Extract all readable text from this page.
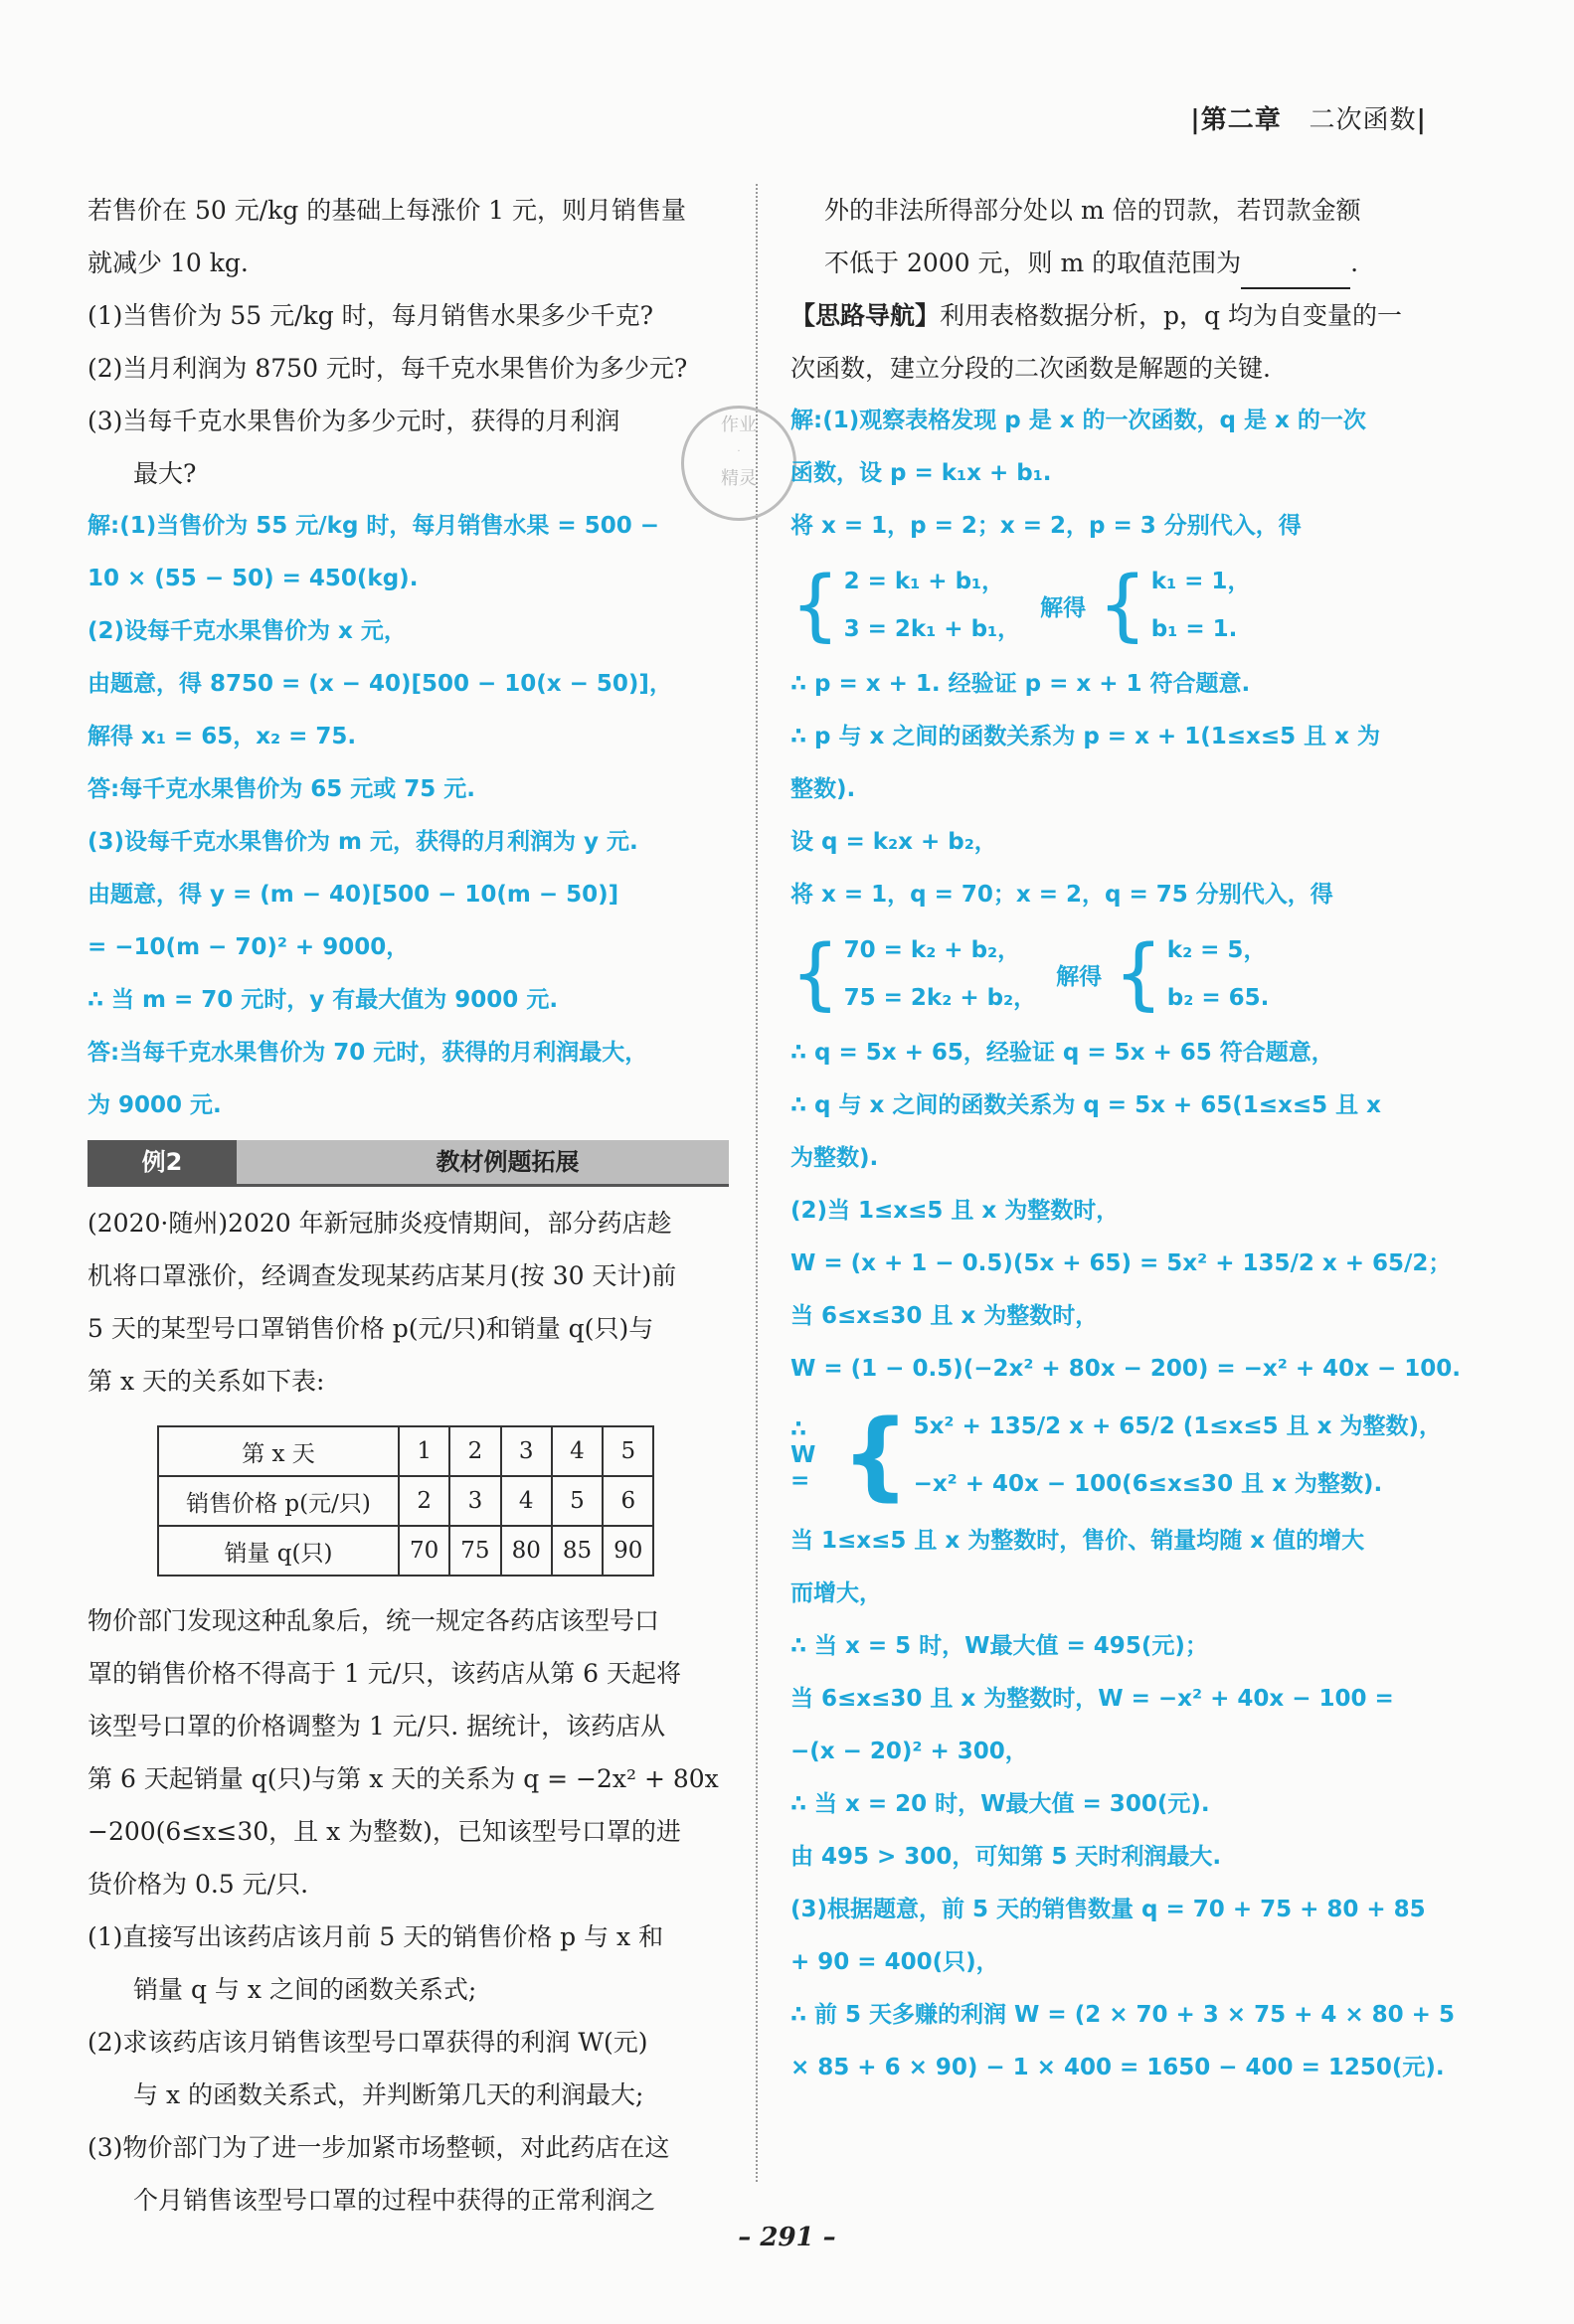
|第二章 二次函数|
作业
·
精灵
若售价在 50 元/kg 的基础上每涨价 1 元，则月销售量
就减少 10 kg.
(1)当售价为 55 元/kg 时，每月销售水果多少千克?
(2)当月利润为 8750 元时，每千克水果售价为多少元?
(3)当每千克水果售价为多少元时，获得的月利润
最大?
解:(1)当售价为 55 元/kg 时，每月销售水果 = 500 −
10 × (55 − 50) = 450(kg).
(2)设每千克水果售价为 x 元，
由题意，得 8750 = (x − 40)[500 − 10(x − 50)]，
解得 x₁ = 65，x₂ = 75.
答:每千克水果售价为 65 元或 75 元.
(3)设每千克水果售价为 m 元，获得的月利润为 y 元.
由题意，得 y = (m − 40)[500 − 10(m − 50)]
= −10(m − 70)² + 9000，
∴ 当 m = 70 元时，y 有最大值为 9000 元.
答:当每千克水果售价为 70 元时，获得的月利润最大，
为 9000 元.
例2	教材例题拓展
(2020·随州)2020 年新冠肺炎疫情期间，部分药店趁
机将口罩涨价，经调查发现某药店某月(按 30 天计)前
5 天的某型号口罩销售价格 p(元/只)和销量 q(只)与
第 x 天的关系如下表:
第 x 天	1	2	3	4	5
销售价格 p(元/只)	2	3	4	5	6
销量 q(只)	70	75	80	85	90
物价部门发现这种乱象后，统一规定各药店该型号口
罩的销售价格不得高于 1 元/只，该药店从第 6 天起将
该型号口罩的价格调整为 1 元/只. 据统计，该药店从
第 6 天起销量 q(只)与第 x 天的关系为 q = −2x² + 80x
−200(6≤x≤30，且 x 为整数)，已知该型号口罩的进
货价格为 0.5 元/只.
(1)直接写出该药店该月前 5 天的销售价格 p 与 x 和
销量 q 与 x 之间的函数关系式;
(2)求该药店该月销售该型号口罩获得的利润 W(元)
与 x 的函数关系式，并判断第几天的利润最大;
(3)物价部门为了进一步加紧市场整顿，对此药店在这
个月销售该型号口罩的过程中获得的正常利润之
外的非法所得部分处以 m 倍的罚款，若罚款金额
不低于 2000 元，则 m 的取值范围为	.
【思路导航】利用表格数据分析，p，q 均为自变量的一
次函数，建立分段的二次函数是解题的关键.
解:(1)观察表格发现 p 是 x 的一次函数，q 是 x 的一次
函数，设 p = k₁x + b₁.
将 x = 1，p = 2；x = 2，p = 3 分别代入，得
{ 2 = k₁ + b₁，
3 = 2k₁ + b₁，
解得 { k₁ = 1，
b₁ = 1.
∴ p = x + 1. 经验证 p = x + 1 符合题意.
∴ p 与 x 之间的函数关系为 p = x + 1(1≤x≤5 且 x 为
整数).
设 q = k₂x + b₂，
将 x = 1，q = 70；x = 2，q = 75 分别代入，得
{ 70 = k₂ + b₂，
75 = 2k₂ + b₂，
解得 { k₂ = 5，
b₂ = 65.
∴ q = 5x + 65，经验证 q = 5x + 65 符合题意，
∴ q 与 x 之间的函数关系为 q = 5x + 65(1≤x≤5 且 x
为整数).
(2)当 1≤x≤5 且 x 为整数时，
W = (x + 1 − 0.5)(5x + 65) = 5x² + 135/2 x + 65/2；
当 6≤x≤30 且 x 为整数时，
W = (1 − 0.5)(−2x² + 80x − 200) = −x² + 40x − 100.
∴ W = { 5x² + 135/2 x + 65/2 (1≤x≤5 且 x 为整数)，
−x² + 40x − 100(6≤x≤30 且 x 为整数).
当 1≤x≤5 且 x 为整数时，售价、销量均随 x 值的增大
而增大，
∴ 当 x = 5 时，W最大值 = 495(元)；
当 6≤x≤30 且 x 为整数时，W = −x² + 40x − 100 =
−(x − 20)² + 300，
∴ 当 x = 20 时，W最大值 = 300(元).
由 495 > 300，可知第 5 天时利润最大.
(3)根据题意，前 5 天的销售数量 q = 70 + 75 + 80 + 85
+ 90 = 400(只)，
∴ 前 5 天多赚的利润 W = (2 × 70 + 3 × 75 + 4 × 80 + 5
× 85 + 6 × 90) − 1 × 400 = 1650 − 400 = 1250(元).
– 291 –
